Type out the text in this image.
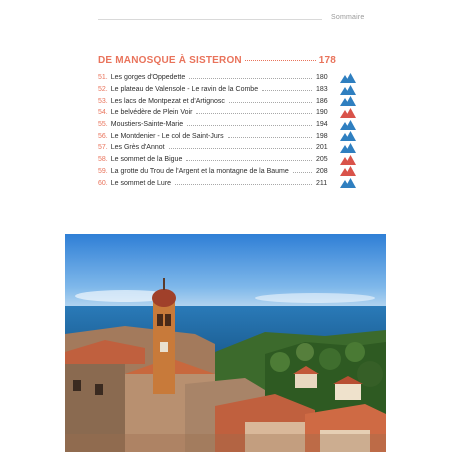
Sommaire
DE MANOSQUE À SISTERON	178
51. Les gorges d'Oppedette	180
52. Le plateau de Valensole - Le ravin de la Combe	183
53. Les lacs de Montpezat et d'Artignosc	186
54. Le belvédère de Plein Voir	190
55. Moustiers-Sainte-Marie	194
56. Le Montdenier - Le col de Saint-Jurs	198
57. Les Grès d'Annot	201
58. Le sommet de la Bigue	205
59. La grotte du Trou de l'Argent et la montagne de la Baume	208
60. Le sommet de Lure	211
